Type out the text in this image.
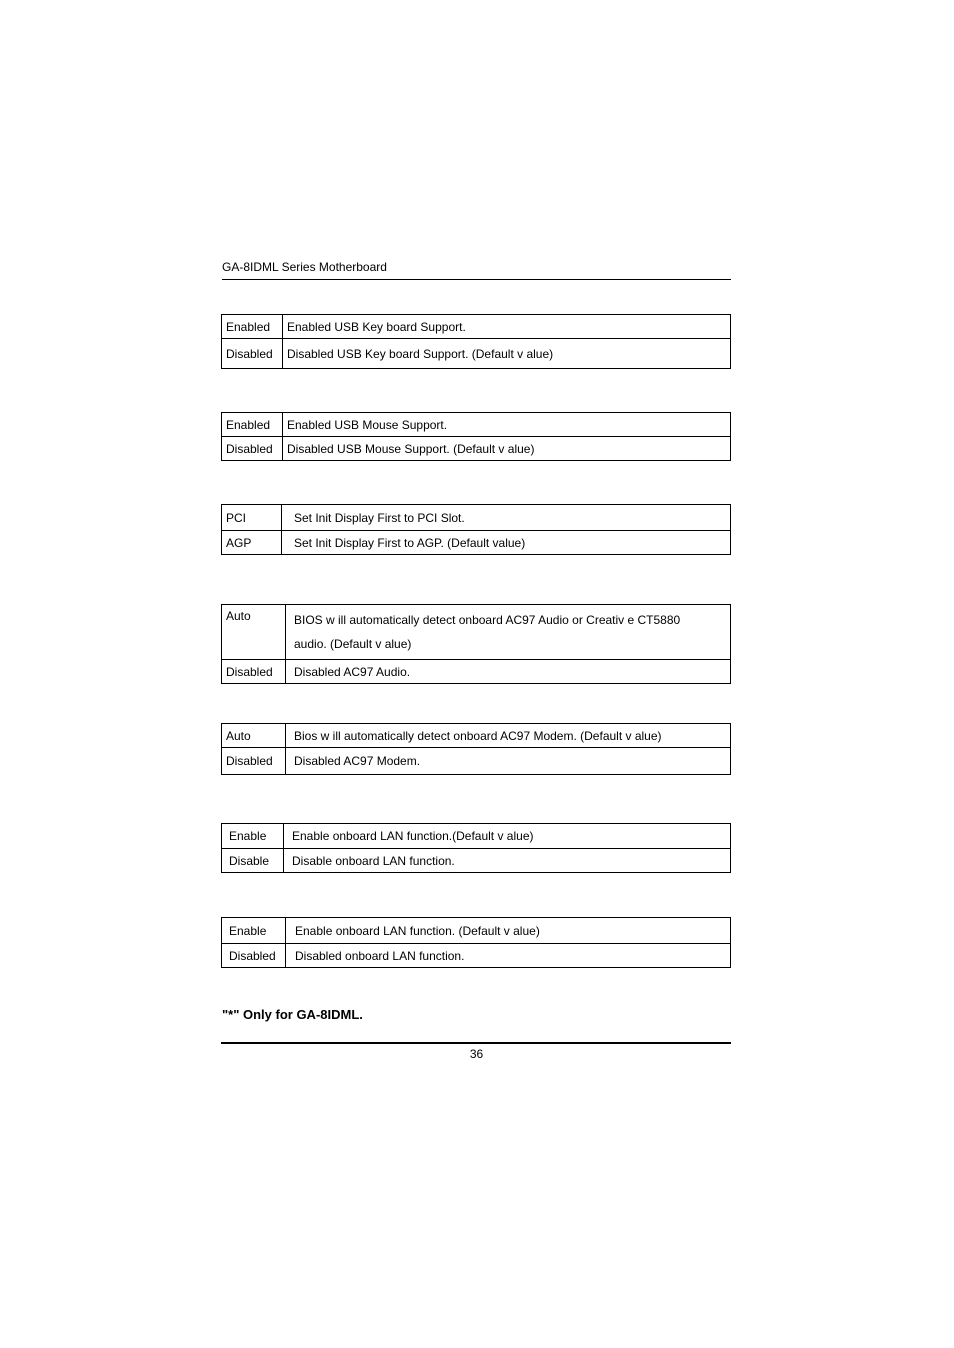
GA-8IDML Series Motherboard
Enabled	Enabled USB Key board Support.
Disabled	Disabled USB Key board Support. (Default v alue)
Enabled	Enabled USB Mouse Support.
Disabled	Disabled USB Mouse Support. (Default v alue)
PCI	Set Init Display First to PCI Slot.
AGP	Set Init Display First to AGP. (Default value)
Auto	BIOS w ill automatically detect onboard AC97 Audio or Creativ e CT5880
audio. (Default v alue)

Disabled	Disabled AC97 Audio.
Auto	Bios w ill automatically detect onboard AC97 Modem. (Default v alue)
Disabled	Disabled AC97 Modem.
Enable	Enable onboard LAN function.(Default v alue)
Disable	Disable onboard LAN function.
Enable	Enable onboard LAN function. (Default v alue)
Disabled	Disabled onboard LAN function.
"*" Only for GA-8IDML.
36
